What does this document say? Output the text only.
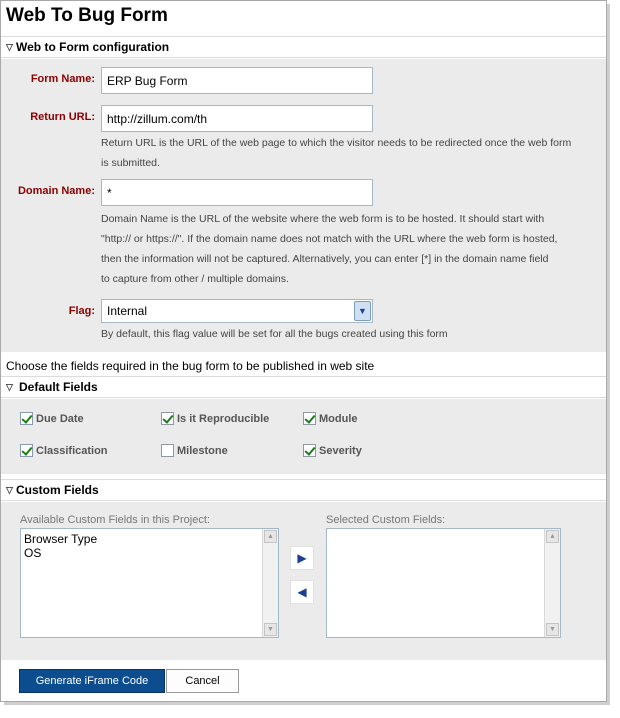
Web To Bug Form
▽ Web to Form configuration
Form Name:	ERP Bug Form
Return URL:	http://zillum.com/th
Return URL is the URL of the web page to which the visitor needs to be redirected once the web form
is submitted.
Domain Name:	*
Domain Name is the URL of the website where the web form is to be hosted. It should start with
"http:// or https://". If the domain name does not match with the URL where the web form is hosted,
then the information will not be captured. Alternatively, you can enter [*] in the domain name field
to capture from other / multiple domains.
Flag:	Internal	▼
By default, this flag value will be set for all the bugs created using this form
Choose the fields required in the bug form to be published in web site
▽ Default Fields
Due Date	Is it Reproducible	Module
Classification	Milestone	Severity
▽ Custom Fields
Available Custom Fields in this Project:
Browser Type
OS
▲
▼
▶
◀
Selected Custom Fields:
▲
▼
Generate iFrame Code	Cancel
